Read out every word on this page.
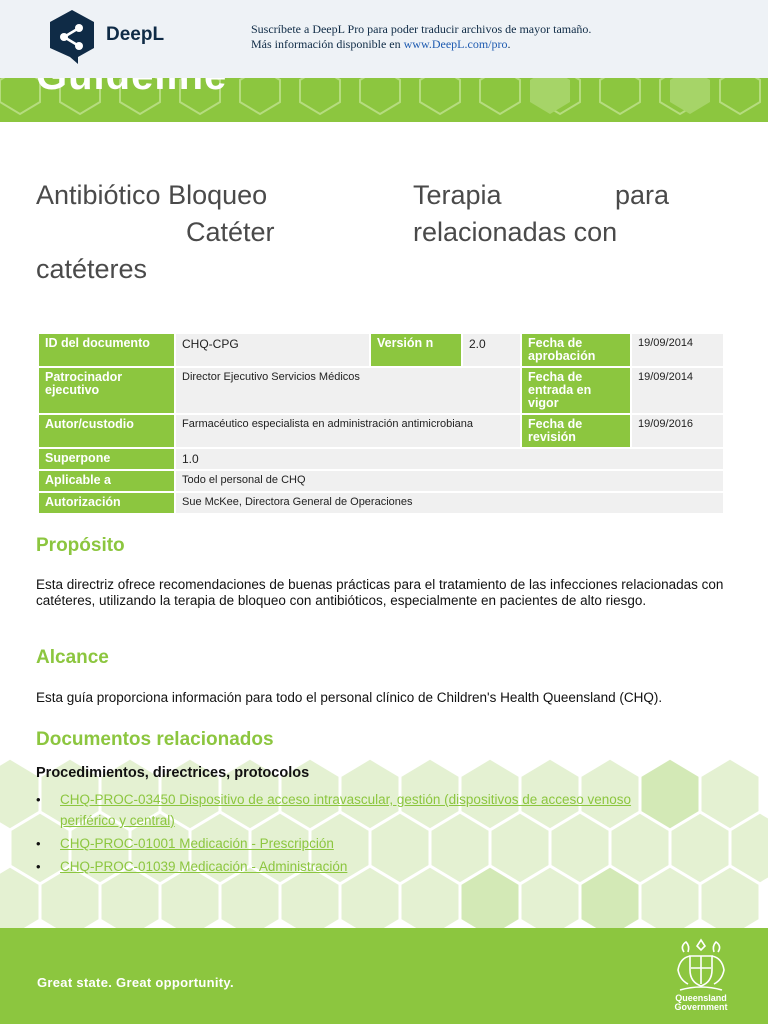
DeepL	Suscríbete a DeepL Pro para poder traducir archivos de mayor tamaño.
Más información disponible en www.DeepL.com/pro.
Antibiótico Bloqueo	Terapia	para
Catéter	relacionadas con
catéteres
ID del documento	CHQ-CPG	Versión n	2.0	Fecha de aprobación	19/09/2014
Patrocinador ejecutivo	Director Ejecutivo Servicios Médicos			Fecha de entrada en vigor	19/09/2014
Autor/custodio	Farmacéutico especialista en administración antimicrobiana			Fecha de revisión	19/09/2016
Superpone	1.0				
Aplicable a	Todo el personal de CHQ				
Autorización	Sue McKee, Directora General de Operaciones				
Propósito
Esta directriz ofrece recomendaciones de buenas prácticas para el tratamiento de las infecciones relacionadas con catéteres, utilizando la terapia de bloqueo con antibióticos, especialmente en pacientes de alto riesgo.
Alcance
Esta guía proporciona información para todo el personal clínico de Children's Health Queensland (CHQ).
Documentos relacionados
Procedimientos, directrices, protocolos
• CHQ-PROC-03450 Dispositivo de acceso intravascular, gestión (dispositivos de acceso venoso periférico y central)
• CHQ-PROC-01001 Medicación - Prescripción
• CHQ-PROC-01039 Medicación - Administración
Great state. Great opportunity.
Queensland
Government
